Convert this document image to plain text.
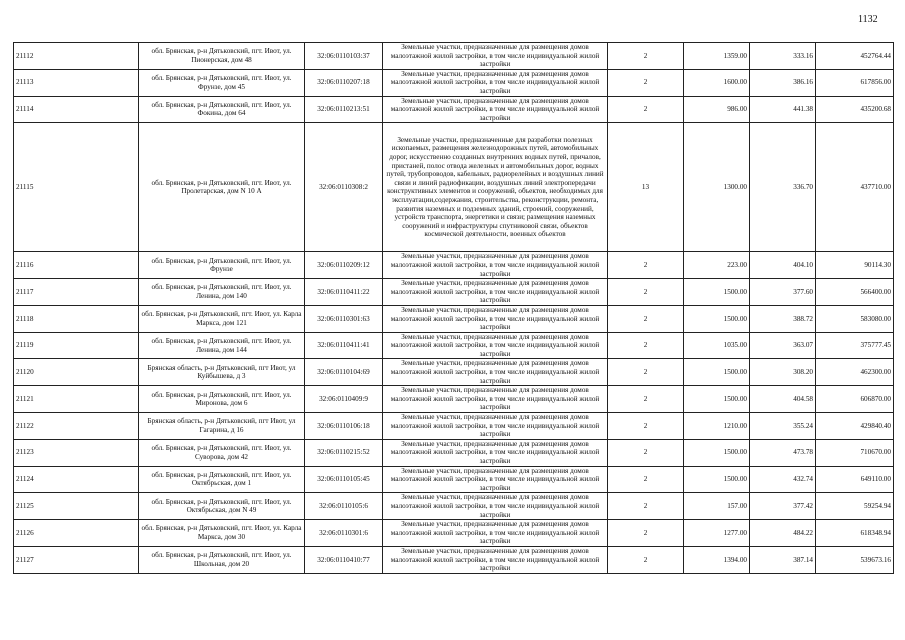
1132
21112	обл. Брянская, р-н Дятьковский, пгт. Ивот, ул. Пионерская, дом 48	32:06:0110103:37	Земельные участки, предназначенные для размещения домов малоэтажной жилой застройки, в том числе индивидуальной жилой застройки	2	1359.00	333.16	452764.44
21113	обл. Брянская, р-н Дятьковский, пгт. Ивот, ул. Фрунзе, дом 45	32:06:0110207:18	Земельные участки, предназначенные для размещения домов малоэтажной жилой застройки, в том числе индивидуальной жилой застройки	2	1600.00	386.16	617856.00
21114	обл. Брянская, р-н Дятьковский, пгт. Ивот, ул. Фокина, дом 64	32:06:0110213:51	Земельные участки, предназначенные для размещения домов малоэтажной жилой застройки, в том числе индивидуальной жилой застройки	2	986.00	441.38	435200.68
21115	обл. Брянская, р-н Дятьковский, пгт. Ивот, ул. Пролетарская, дом N 10 А	32:06:0110308:2	Земельные участки, предназначенные для разработки полезных ископаемых, размещения железнодорожных путей, автомобильных дорог, искусственно созданных внутренних водных путей, причалов, пристаней, полос отвода железных и автомобильных дорог, водных путей, трубопроводов, кабельных, радиорелейных и воздушных линий связи и линий радиофикации, воздушных линий электропередачи конструктивных элементов и сооружений, объектов, необходимых для эксплуатации,содержания, строительства, реконструкции, ремонта, развития наземных и подземных зданий, строений, сооружений, устройств транспорта, энергетики и связи; размещения наземных сооружений и инфраструктуры спутниковой связи, объектов космической деятельности, военных объектов	13	1300.00	336.70	437710.00
21116	обл. Брянская, р-н Дятьковский, пгт. Ивот, ул. Фрунзе	32:06:0110209:12	Земельные участки, предназначенные для размещения домов малоэтажной жилой застройки, в том числе индивидуальной жилой застройки	2	223.00	404.10	90114.30
21117	обл. Брянская, р-н Дятьковский, пгт. Ивот, ул. Ленина, дом 140	32:06:0110411:22	Земельные участки, предназначенные для размещения домов малоэтажной жилой застройки, в том числе индивидуальной жилой застройки	2	1500.00	377.60	566400.00
21118	обл. Брянская, р-н Дятьковский, пгт. Ивот, ул. Карла Маркса, дом 121	32:06:0110301:63	Земельные участки, предназначенные для размещения домов малоэтажной жилой застройки, в том числе индивидуальной жилой застройки	2	1500.00	388.72	583080.00
21119	обл. Брянская, р-н Дятьковский, пгт. Ивот, ул. Ленина, дом 144	32:06:0110411:41	Земельные участки, предназначенные для размещения домов малоэтажной жилой застройки, в том числе индивидуальной жилой застройки	2	1035.00	363.07	375777.45
21120	Брянская область, р-н Дятьковский, пгт Ивот, ул Куйбышева, д 3	32:06:0110104:69	Земельные участки, предназначенные для размещения домов малоэтажной жилой застройки, в том числе индивидуальной жилой застройки	2	1500.00	308.20	462300.00
21121	обл. Брянская, р-н Дятьковский, пгт. Ивот, ул. Миронова, дом 6	32:06:0110409:9	Земельные участки, предназначенные для размещения домов малоэтажной жилой застройки, в том числе индивидуальной жилой застройки	2	1500.00	404.58	606870.00
21122	Брянская область, р-н Дятьковский, пгт Ивот, ул Гагарина, д 16	32:06:0110106:18	Земельные участки, предназначенные для размещения домов малоэтажной жилой застройки, в том числе индивидуальной жилой застройки	2	1210.00	355.24	429840.40
21123	обл. Брянская, р-н Дятьковский, пгт. Ивот, ул. Суворова, дом 42	32:06:0110215:52	Земельные участки, предназначенные для размещения домов малоэтажной жилой застройки, в том числе индивидуальной жилой застройки	2	1500.00	473.78	710670.00
21124	обл. Брянская, р-н Дятьковский, пгт. Ивот, ул. Октябрьская, дом 1	32:06:0110105:45	Земельные участки, предназначенные для размещения домов малоэтажной жилой застройки, в том числе индивидуальной жилой застройки	2	1500.00	432.74	649110.00
21125	обл. Брянская, р-н Дятьковский, пгт. Ивот, ул. Октябрьская, дом N 49	32:06:0110105:6	Земельные участки, предназначенные для размещения домов малоэтажной жилой застройки, в том числе индивидуальной жилой застройки	2	157.00	377.42	59254.94
21126	обл. Брянская, р-н Дятьковский, пгт. Ивот, ул. Карла Маркса, дом 30	32:06:0110301:6	Земельные участки, предназначенные для размещения домов малоэтажной жилой застройки, в том числе индивидуальной жилой застройки	2	1277.00	484.22	618348.94
21127	обл. Брянская, р-н Дятьковский, пгт. Ивот, ул. Школьная, дом 20	32:06:0110410:77	Земельные участки, предназначенные для размещения домов малоэтажной жилой застройки, в том числе индивидуальной жилой застройки	2	1394.00	387.14	539673.16
